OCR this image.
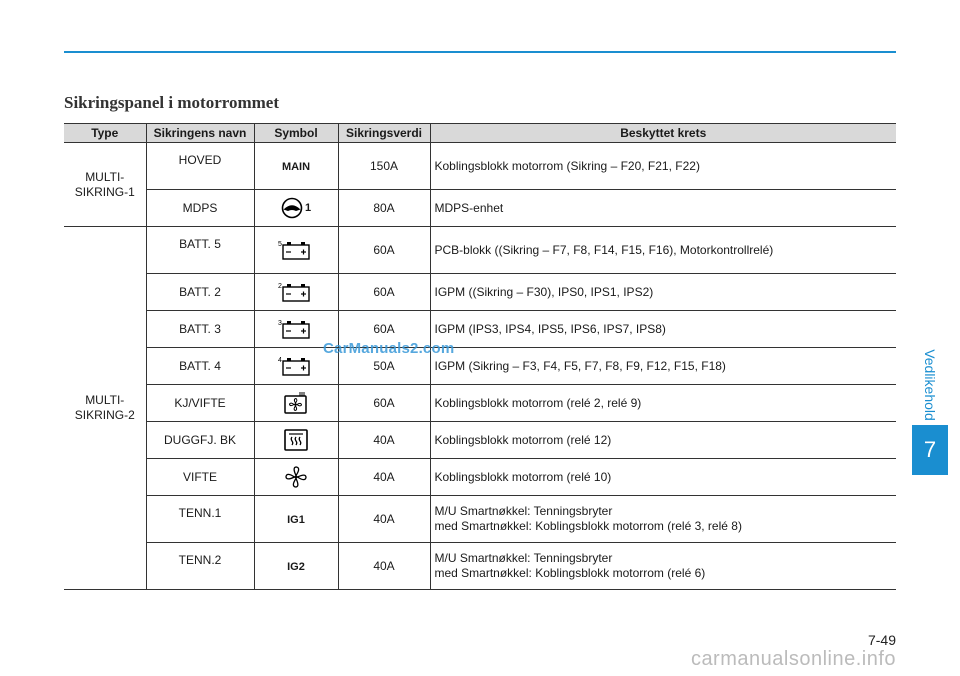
Sikringspanel i motorrommet
Type	Sikringens navn	Symbol	Sikringsverdi	Beskyttet krets
MULTI-
SIKRING-1	HOVED	MAIN	150A	Koblingsblokk motorrom (Sikring – F20, F21, F22)
	MDPS	1	80A	MDPS-enhet
MULTI-
SIKRING-2	BATT. 5	5	60A	PCB-blokk ((Sikring – F7, F8, F14, F15, F16), Motorkontrollrelé)
	BATT. 2	2	60A	IGPM ((Sikring – F30), IPS0, IPS1, IPS2)
	BATT. 3	3	60A	IGPM (IPS3, IPS4, IPS5, IPS6, IPS7, IPS8)
	BATT. 4	4	50A	IGPM (Sikring – F3, F4, F5, F7, F8, F9, F12, F15, F18)
	KJ/VIFTE		60A	Koblingsblokk motorrom (relé 2, relé 9)
	DUGGFJ. BK		40A	Koblingsblokk motorrom (relé 12)
	VIFTE		40A	Koblingsblokk motorrom (relé 10)
	TENN.1	IG1	40A	M/U Smartnøkkel: Tenningsbryter
med Smartnøkkel: Koblingsblokk motorrom (relé 3, relé 8)
	TENN.2	IG2	40A	M/U Smartnøkkel: Tenningsbryter
med Smartnøkkel: Koblingsblokk motorrom (relé 6)
CarManuals2.com
Vedlikehold
7
7-49
carmanualsonline.info
